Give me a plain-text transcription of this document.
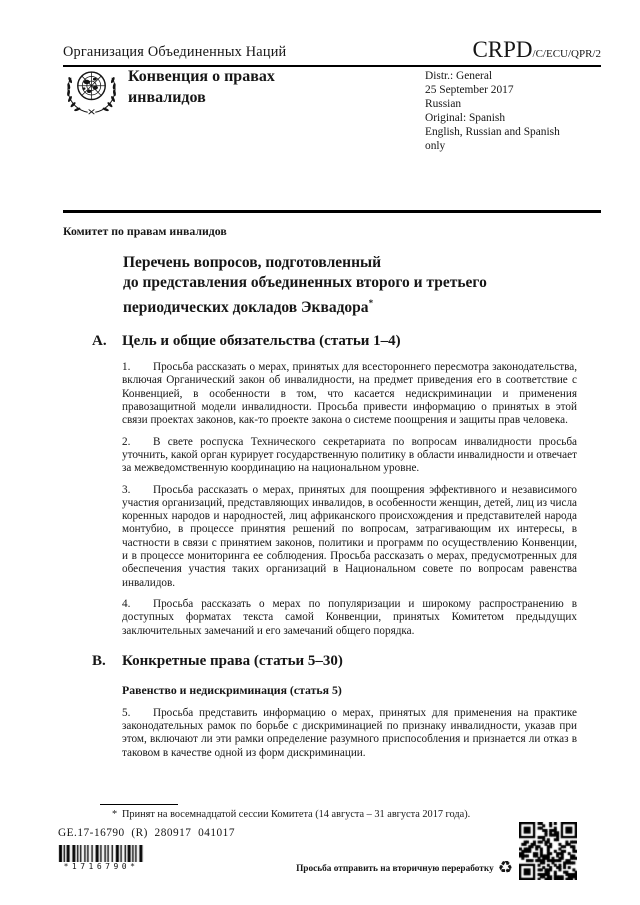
Организация Объединенных Наций	CRPD /C/ECU/QPR/2
Конвенция о правах
инвалидов
Distr.: General
25 September 2017
Russian
Original: Spanish
English, Russian and Spanish
only
Комитет по правам инвалидов
Перечень вопросов, подготовленный
до представления объединенных второго и третьего
периодических докладов Эквадора*
A. Цель и общие обязательства (статьи 1–4)

1. Просьба рассказать о мерах, принятых для всестороннего пересмотра законодательства, включая Органический закон об инвалидности, на предмет приведения его в соответствие с Конвенцией, в особенности в том, что касается недискриминации и применения правозащитной модели инвалидности. Просьба привести информацию о принятых в этой связи проектах законов, как-то проекте закона о системе поощрения и защиты прав человека.

2. В свете роспуска Технического секретариата по вопросам инвалидности просьба уточнить, какой орган курирует государственную политику в области инвалидности и отвечает за межведомственную координацию на национальном уровне.

3. Просьба рассказать о мерах, принятых для поощрения эффективного и независимого участия организаций, представляющих инвалидов, в особенности женщин, детей, лиц из числа коренных народов и народностей, лиц африканского происхождения и представителей народа монтубио, в процессе принятия решений по вопросам, затрагивающим их интересы, в частности в связи с принятием законов, политики и программ по осуществлению Конвенции, и в процессе мониторинга ее соблюдения. Просьба рассказать о мерах, предусмотренных для обеспечения участия таких организаций в Национальном совете по вопросам равенства инвалидов.

4. Просьба рассказать о мерах по популяризации и широкому распространению в доступных форматах текста самой Конвенции, принятых Комитетом предыдущих заключительных замечаний и его замечаний общего порядка.

B. Конкретные права (статьи 5–30)
Равенство и недискриминация (статья 5)

5. Просьба представить информацию о мерах, принятых для применения на практике законодательных рамок по борьбе с дискриминацией по признаку инвалидности, указав при этом, включают ли эти рамки определение разумного приспособления и признается ли отказ в таковом в качестве одной из форм дискриминации.

* Принят на восемнадцатой сессии Комитета (14 августа – 31 августа 2017 года).
GE.17-16790  (R)  280917  041017
*1716790*	Просьба отправить на вторичную переработку ♻
